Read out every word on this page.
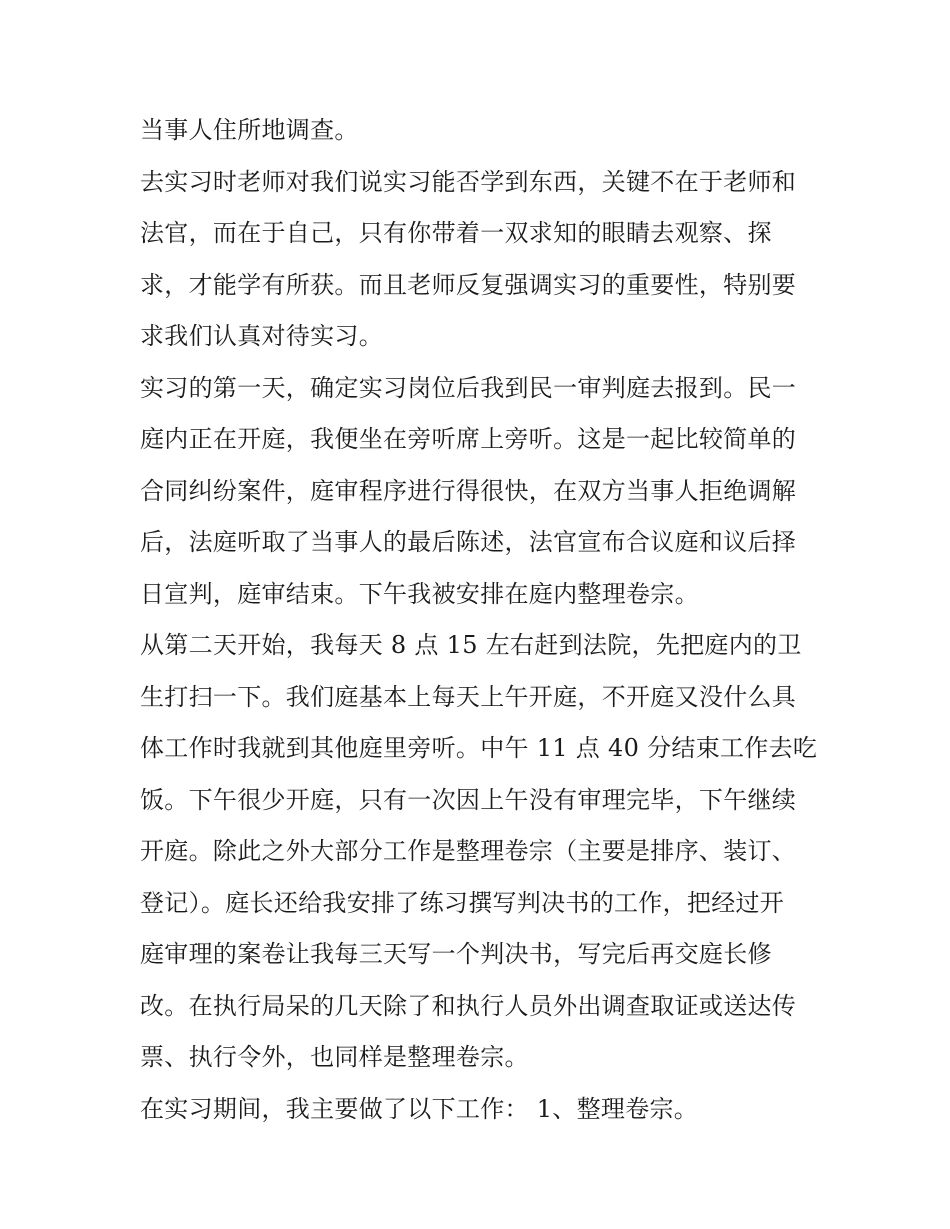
当事人住所地调查。
去实习时老师对我们说实习能否学到东西，关键不在于老师和
法官，而在于自己，只有你带着一双求知的眼睛去观察、探
求，才能学有所获。而且老师反复强调实习的重要性，特别要
求我们认真对待实习。
实习的第一天，确定实习岗位后我到民一审判庭去报到。民一
庭内正在开庭，我便坐在旁听席上旁听。这是一起比较简单的
合同纠纷案件，庭审程序进行得很快，在双方当事人拒绝调解
后，法庭听取了当事人的最后陈述，法官宣布合议庭和议后择
日宣判，庭审结束。下午我被安排在庭内整理卷宗。
从第二天开始，我每天 8 点 15 左右赶到法院，先把庭内的卫
生打扫一下。我们庭基本上每天上午开庭，不开庭又没什么具
体工作时我就到其他庭里旁听。中午 11 点 40 分结束工作去吃
饭。下午很少开庭，只有一次因上午没有审理完毕，下午继续
开庭。除此之外大部分工作是整理卷宗（主要是排序、装订、
登记）。庭长还给我安排了练习撰写判决书的工作，把经过开
庭审理的案卷让我每三天写一个判决书，写完后再交庭长修
改。在执行局呆的几天除了和执行人员外出调查取证或送达传
票、执行令外，也同样是整理卷宗。
在实习期间，我主要做了以下工作： 1、整理卷宗。
